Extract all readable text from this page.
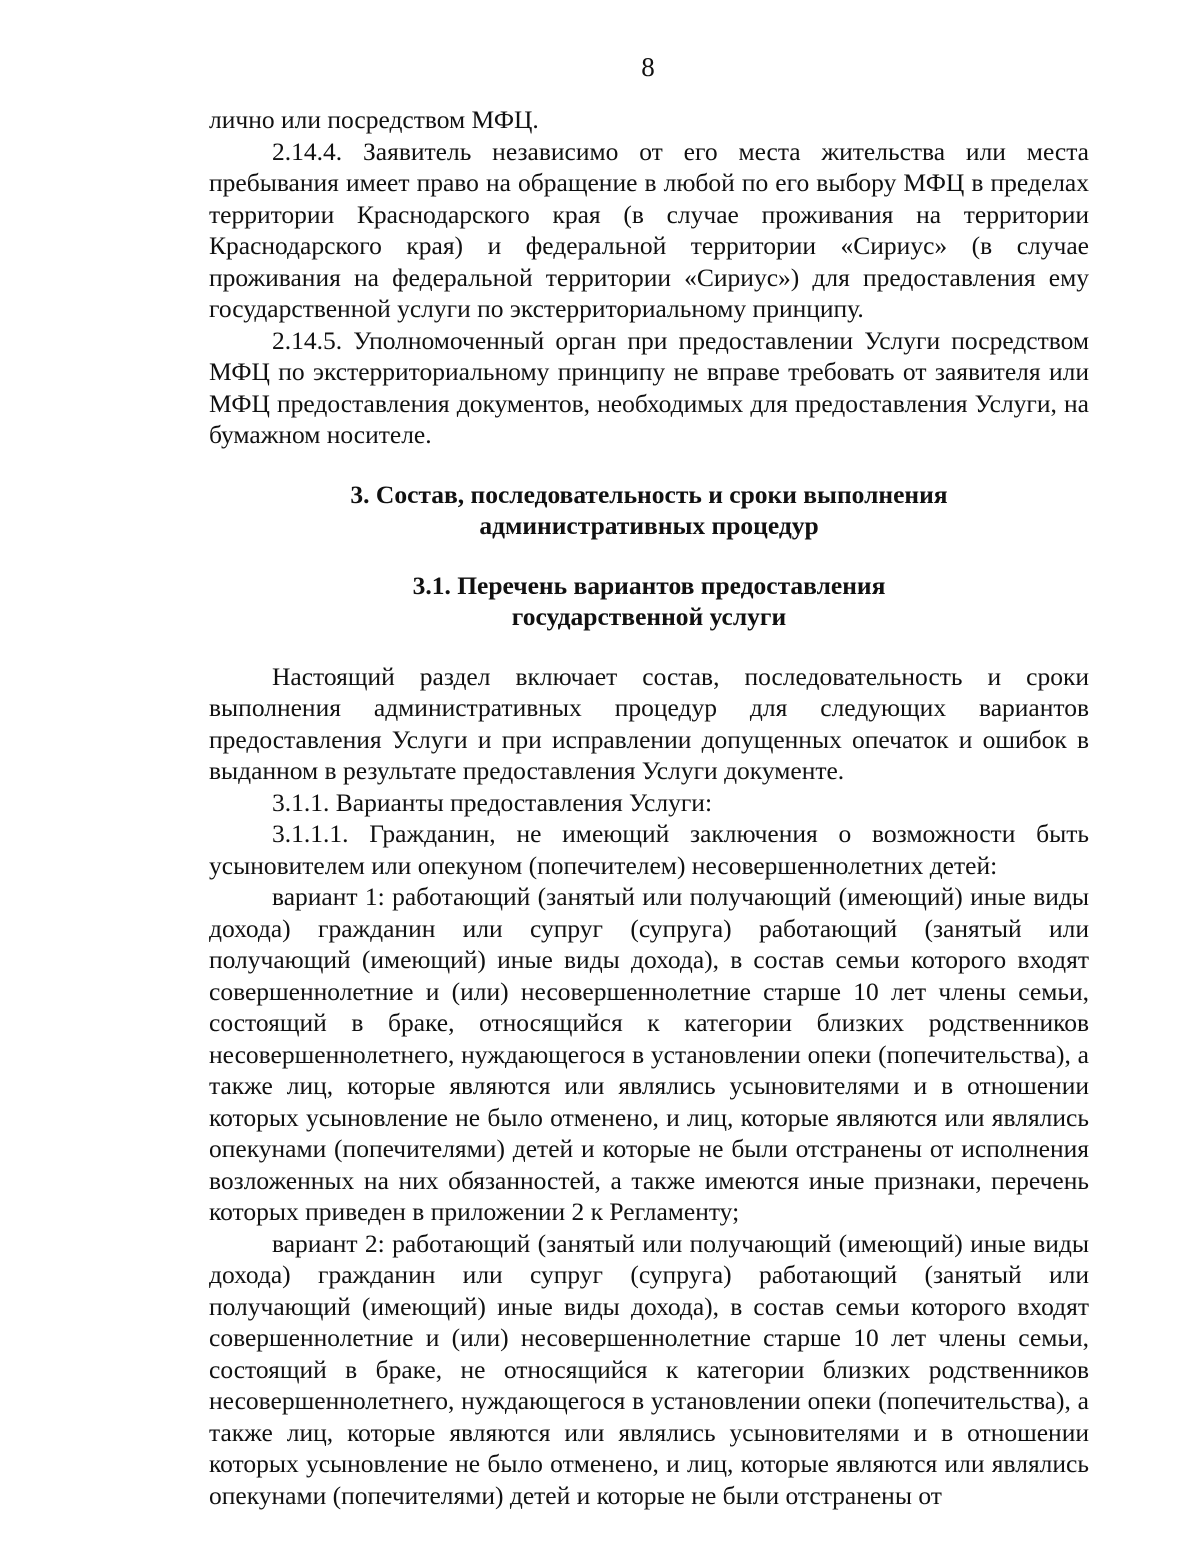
8

лично или посредством МФЦ.

2.14.4. Заявитель независимо от его места жительства или места пребывания имеет право на обращение в любой по его выбору МФЦ в пределах территории Краснодарского края (в случае проживания на территории Краснодарского края) и федеральной территории «Сириус» (в случае проживания на федеральной территории «Сириус») для предоставления ему государственной услуги по экстерриториальному принципу.

2.14.5. Уполномоченный орган при предоставлении Услуги посредством МФЦ по экстерриториальному принципу не вправе требовать от заявителя или МФЦ предоставления документов, необходимых для предоставления Услуги, на бумажном носителе.

3. Состав, последовательность и сроки выполнения
административных процедур
3.1. Перечень вариантов предоставления
государственной услуги

Настоящий раздел включает состав, последовательность и сроки выполнения административных процедур для следующих вариантов предоставления Услуги и при исправлении допущенных опечаток и ошибок в выданном в результате предоставления Услуги документе.

3.1.1. Варианты предоставления Услуги:

3.1.1.1. Гражданин, не имеющий заключения о возможности быть усыновителем или опекуном (попечителем) несовершеннолетних детей:

вариант 1: работающий (занятый или получающий (имеющий) иные виды дохода) гражданин или супруг (супруга) работающий (занятый или получающий (имеющий) иные виды дохода), в состав семьи которого входят совершеннолетние и (или) несовершеннолетние старше 10 лет члены семьи, состоящий в браке, относящийся к категории близких родственников несовершеннолетнего, нуждающегося в установлении опеки (попечительства), а также лиц, которые являются или являлись усыновителями и в отношении которых усыновление не было отменено, и лиц, которые являются или являлись опекунами (попечителями) детей и которые не были отстранены от исполнения возложенных на них обязанностей, а также имеются иные признаки, перечень которых приведен в приложении 2 к Регламенту;

вариант 2: работающий (занятый или получающий (имеющий) иные виды дохода) гражданин или супруг (супруга) работающий (занятый или получающий (имеющий) иные виды дохода), в состав семьи которого входят совершеннолетние и (или) несовершеннолетние старше 10 лет члены семьи, состоящий в браке, не относящийся к категории близких родственников несовершеннолетнего, нуждающегося в установлении опеки (попечительства), а также лиц, которые являются или являлись усыновителями и в отношении которых усыновление не было отменено, и лиц, которые являются или являлись опекунами (попечителями) детей и которые не были отстранены от
